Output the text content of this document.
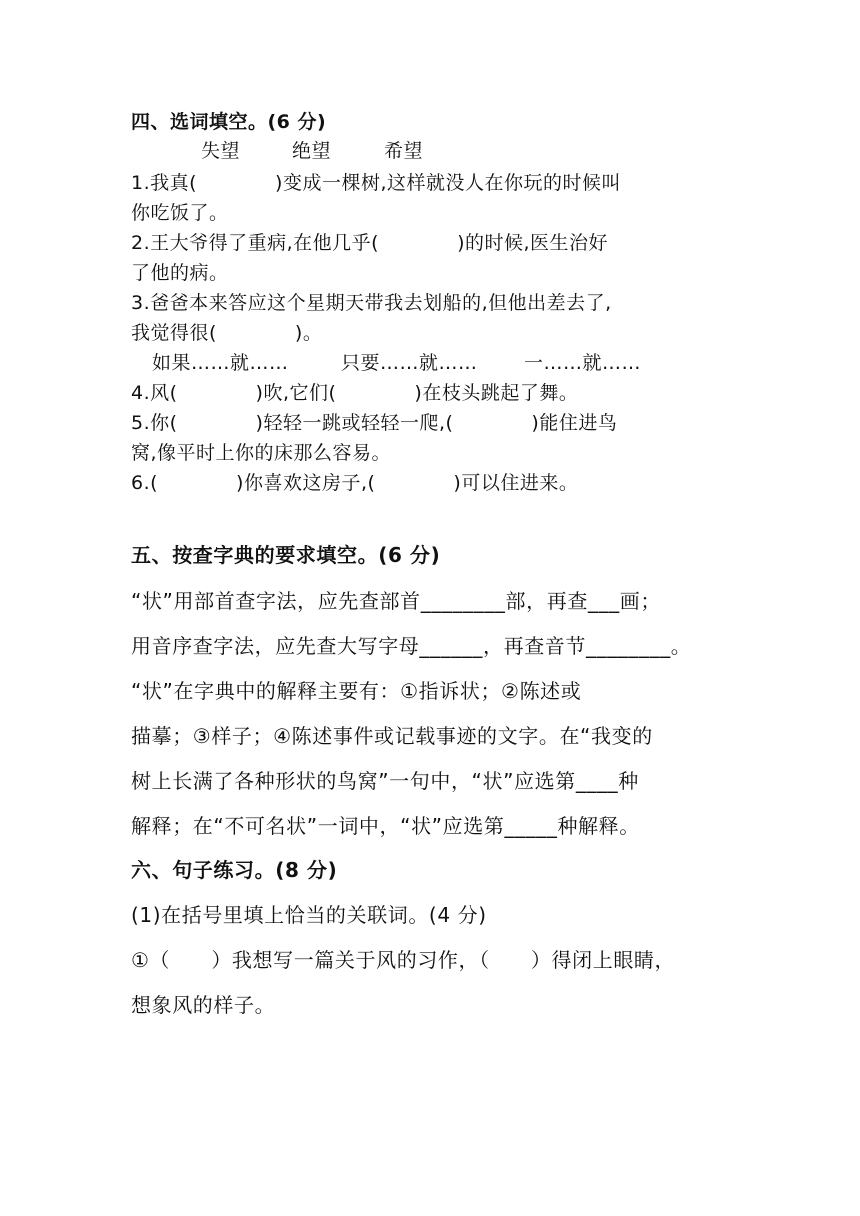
四、选词填空。(6 分)
失望	绝望	希望
1.我真(　　　　)变成一棵树,这样就没人在你玩的时候叫
你吃饭了。
2.王大爷得了重病,在他几乎(　　　　)的时候,医生治好
了他的病。
3.爸爸本来答应这个星期天带我去划船的,但他出差去了,
我觉得很(　　　　)。
如果……就……	只要……就…… 一……就……
4.风(　　　　)吹,它们(　　　　)在枝头跳起了舞。
5.你(　　　　)轻轻一跳或轻轻一爬,(　　　　)能住进鸟
窝,像平时上你的床那么容易。
6.(　　　　)你喜欢这房子,(　　　　)可以住进来。
五、按查字典的要求填空。(6 分)
“状”用部首查字法，应先查部首________部，再查___画；
用音序查字法，应先查大写字母______，再查音节________。
“状”在字典中的解释主要有：①指诉状；②陈述或
描摹；③样子；④陈述事件或记载事迹的文字。在“我变的
树上长满了各种形状的鸟窝”一句中，“状”应选第____种
解释；在“不可名状”一词中，“状”应选第_____种解释。
六、句子练习。(8 分)
(1)在括号里填上恰当的关联词。(4 分)
①（　　）我想写一篇关于风的习作，（　　）得闭上眼睛，
想象风的样子。
